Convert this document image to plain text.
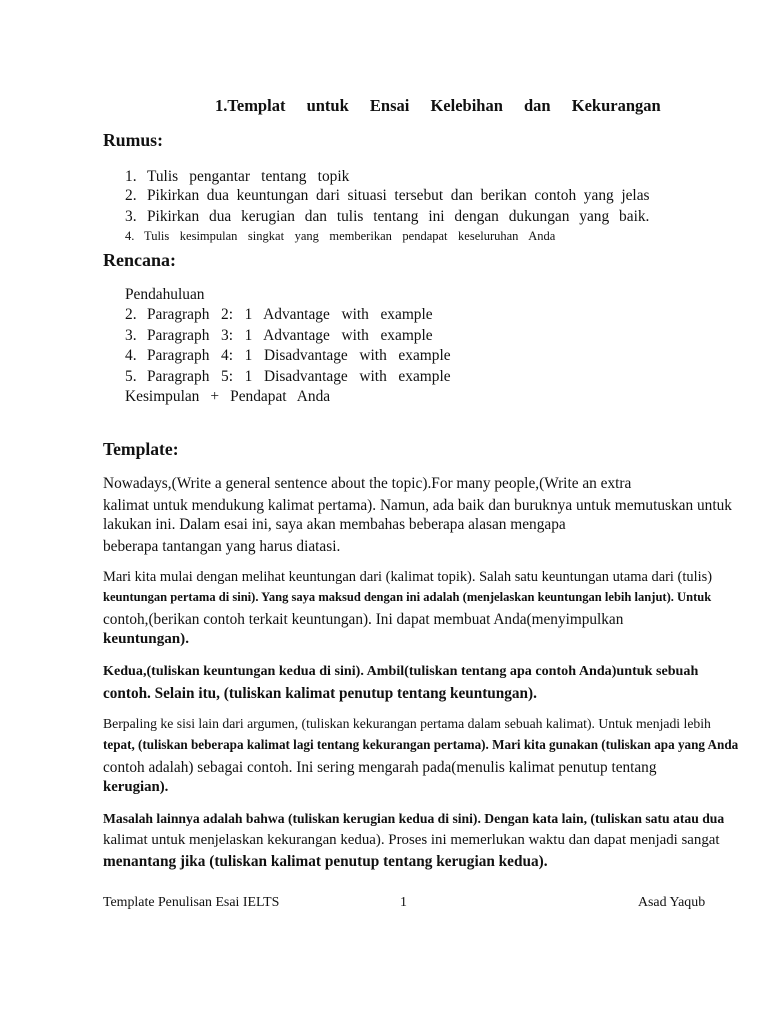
1.Templat untuk Ensai Kelebihan dan Kekurangan
Rumus:
1. Tulis pengantar tentang topik
2. Pikirkan dua keuntungan dari situasi tersebut dan berikan contoh yang jelas
3. Pikirkan dua kerugian dan tulis tentang ini dengan dukungan yang baik.
4. Tulis kesimpulan singkat yang memberikan pendapat keseluruhan Anda
Rencana:
Pendahuluan
2. Paragraph 2: 1 Advantage with example
3. Paragraph 3: 1 Advantage with example
4. Paragraph 4: 1 Disadvantage with example
5. Paragraph 5: 1 Disadvantage with example
Kesimpulan + Pendapat Anda
Template:
Nowadays,(Write a general sentence about the topic).For many people,(Write an extra
kalimat untuk mendukung kalimat pertama). Namun, ada baik dan buruknya untuk memutuskan untuk
lakukan ini. Dalam esai ini, saya akan membahas beberapa alasan mengapa
beberapa tantangan yang harus diatasi.
Mari kita mulai dengan melihat keuntungan dari (kalimat topik). Salah satu keuntungan utama dari (tulis)
keuntungan pertama di sini). Yang saya maksud dengan ini adalah (menjelaskan keuntungan lebih lanjut). Untuk
contoh,(berikan contoh terkait keuntungan). Ini dapat membuat Anda(menyimpulkan
keuntungan).
Kedua,(tuliskan keuntungan kedua di sini). Ambil(tuliskan tentang apa contoh Anda)untuk sebuah
contoh. Selain itu, (tuliskan kalimat penutup tentang keuntungan).
Berpaling ke sisi lain dari argumen, (tuliskan kekurangan pertama dalam sebuah kalimat). Untuk menjadi lebih
tepat, (tuliskan beberapa kalimat lagi tentang kekurangan pertama). Mari kita gunakan (tuliskan apa yang Anda
contoh adalah) sebagai contoh. Ini sering mengarah pada(menulis kalimat penutup tentang
kerugian).
Masalah lainnya adalah bahwa (tuliskan kerugian kedua di sini). Dengan kata lain, (tuliskan satu atau dua
kalimat untuk menjelaskan kekurangan kedua). Proses ini memerlukan waktu dan dapat menjadi sangat
menantang jika (tuliskan kalimat penutup tentang kerugian kedua).
Template Penulisan Esai IELTS	1	Asad Yaqub
